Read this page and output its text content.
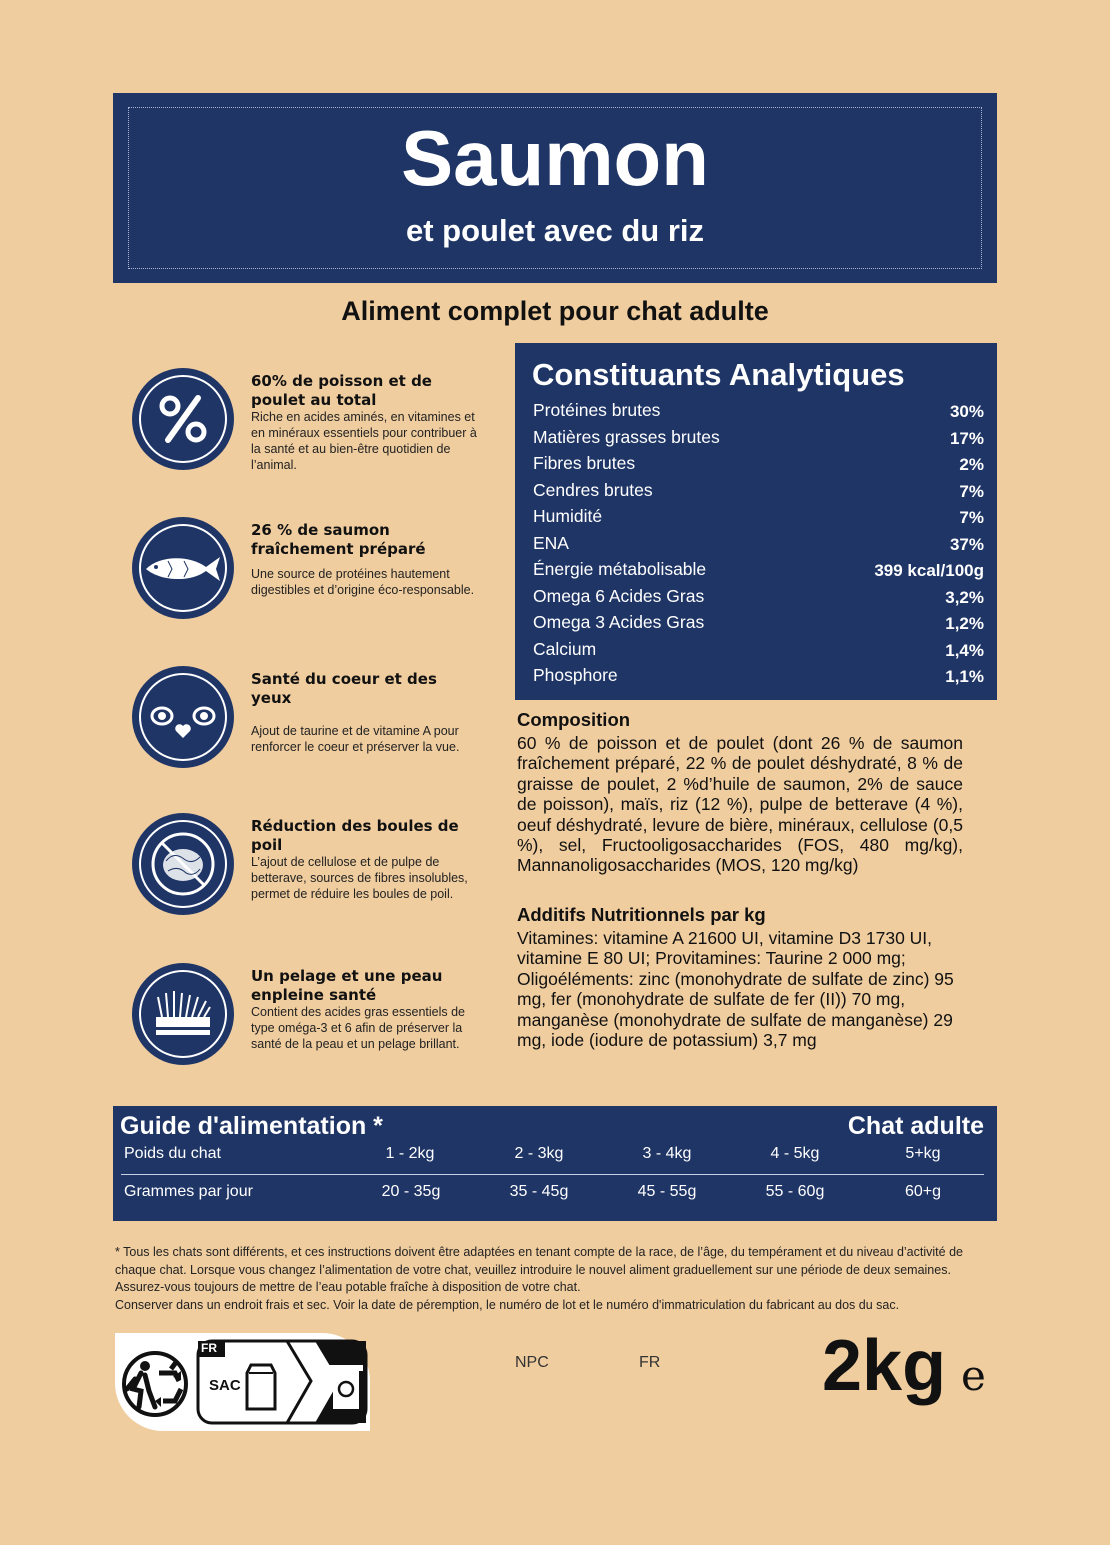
Saumon
et poulet avec du riz
Aliment complet pour chat adulte
60% de poisson et de poulet au total
Riche en acides aminés, en vitamines et en minéraux essentiels pour contribuer à la santé et au bien-être quotidien de l’animal.
26 % de saumon fraîchement préparé
Une source de protéines hautement digestibles et d’origine éco-responsable.
Santé du coeur et des yeux
Ajout de taurine et de vitamine A pour renforcer le coeur et préserver la vue.
Réduction des boules de poil
L’ajout de cellulose et de pulpe de betterave, sources de fibres insolubles, permet de réduire les boules de poil.
Un pelage et une peau enpleine santé
Contient des acides gras essentiels de type oméga-3 et 6 afin de préserver la santé de la peau et un pelage brillant.
Constituants Analytiques
Protéines brutes	30%
Matières grasses brutes	17%
Fibres brutes	2%
Cendres brutes	7%
Humidité	7%
ENA	37%
Énergie métabolisable	399 kcal/100g
Omega 6 Acides Gras	3,2%
Omega 3 Acides Gras	1,2%
Calcium	1,4%
Phosphore	1,1%
Composition
60 % de poisson et de poulet (dont 26 % de saumon fraîchement préparé, 22 % de poulet déshydraté, 8 % de graisse de poulet, 2 %d’huile de saumon, 2% de sauce de poisson), maïs, riz (12 %), pulpe de betterave (4 %), oeuf déshydraté, levure de bière, minéraux, cellulose (0,5 %), sel, Fructooligosaccharides (FOS, 480 mg/kg), Mannanoligosaccharides (MOS, 120 mg/kg)
Additifs Nutritionnels par kg
Vitamines: vitamine A 21600 UI, vitamine D3 1730 UI, vitamine E 80 UI; Provitamines: Taurine 2 000 mg; Oligoéléments: zinc (monohydrate de sulfate de zinc) 95 mg, fer (monohydrate de sulfate de fer (II)) 70 mg, manganèse (monohydrate de sulfate de manganèse) 29 mg, iode (iodure de potassium) 3,7 mg
Guide d'alimentation *	Chat adulte
Poids du chat	1 - 2kg	2 - 3kg	3 - 4kg	4 - 5kg	5+kg
Grammes par jour	20 - 35g	35 - 45g	45 - 55g	55 - 60g	60+g
* Tous les chats sont différents, et ces instructions doivent être adaptées en tenant compte de la race, de l’âge, du tempérament et du niveau d’activité de chaque chat. Lorsque vous changez l’alimentation de votre chat, veuillez introduire le nouvel aliment graduellement sur une période de deux semaines. Assurez-vous toujours de mettre de l’eau potable fraîche à disposition de votre chat.
Conserver dans un endroit frais et sec. Voir la date de péremption, le numéro de lot et le numéro d'immatriculation du fabricant au dos du sac.
FR
SAC
NPC	FR 2kg e
